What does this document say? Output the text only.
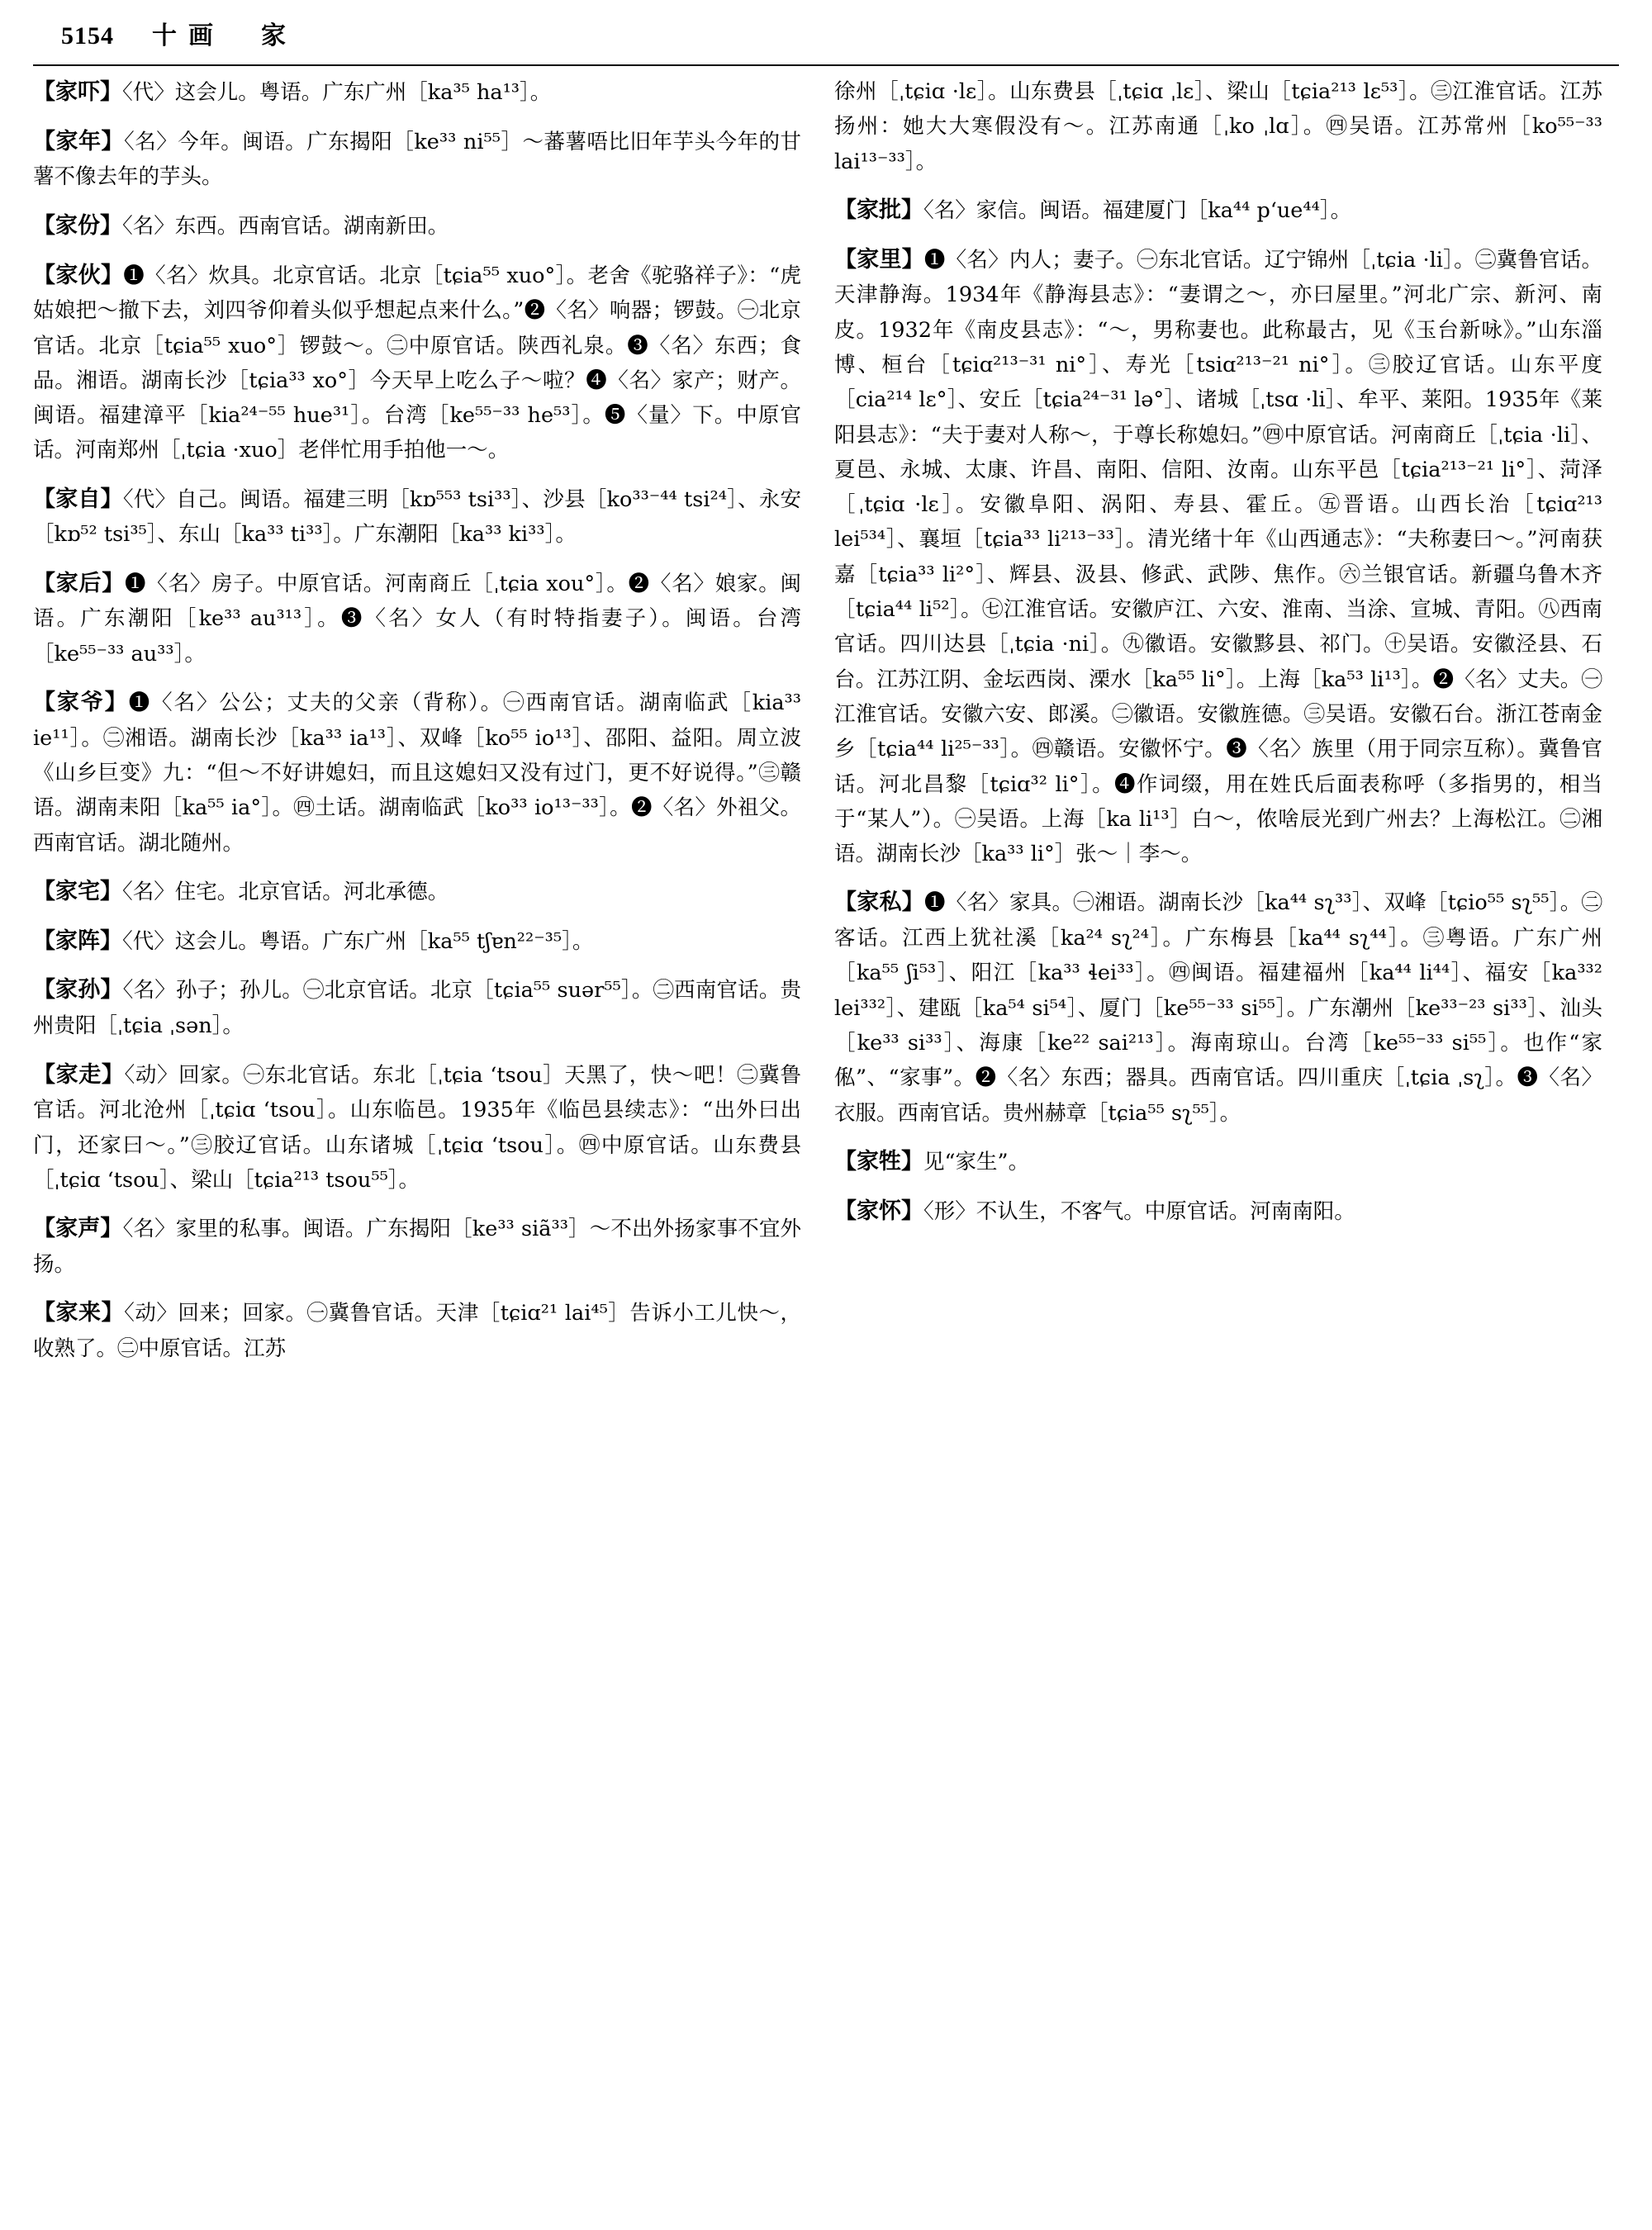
5154 十画　家
【家吓】〈代〉这会儿。粤语。广东广州［ka³⁵ ha¹³］。
【家年】〈名〉今年。闽语。广东揭阳［ke³³ ni⁵⁵］～蕃薯唔比旧年芋头今年的甘薯不像去年的芋头。
【家份】〈名〉东西。西南官话。湖南新田。
【家伙】❶〈名〉炊具。北京官话。北京［tɕia⁵⁵ xuo°］。老舍《驼骆祥子》：“虎姑娘把～撤下去，刘四爷仰着头似乎想起点来什么。”❷〈名〉响器；锣鼓。㊀北京官话。北京［tɕia⁵⁵ xuo°］锣鼓～。㊁中原官话。陕西礼泉。❸〈名〉东西；食品。湘语。湖南长沙［tɕia³³ xo°］今天早上吃么子～啦？❹〈名〉家产；财产。闽语。福建漳平［kia²⁴⁻⁵⁵ hue³¹］。台湾［ke⁵⁵⁻³³ he⁵³］。❺〈量〉下。中原官话。河南郑州［ˌtɕia ·xuo］老伴忙用手拍他一～。
【家自】〈代〉自己。闽语。福建三明［kɒ⁵⁵³ tsi³³］、沙县［ko³³⁻⁴⁴ tsi²⁴］、永安［kɒ⁵² tsi³⁵］、东山［ka³³ ti³³］。广东潮阳［ka³³ ki³³］。
【家后】❶〈名〉房子。中原官话。河南商丘［ˌtɕia xou°］。❷〈名〉娘家。闽语。广东潮阳［ke³³ au³¹³］。❸〈名〉女人（有时特指妻子）。闽语。台湾［ke⁵⁵⁻³³ au³³］。
【家爷】❶〈名〉公公；丈夫的父亲（背称）。㊀西南官话。湖南临武［kia³³ ie¹¹］。㊁湘语。湖南长沙［ka³³ ia¹³］、双峰［ko⁵⁵ io¹³］、邵阳、益阳。周立波《山乡巨变》九：“但～不好讲媳妇，而且这媳妇又没有过门，更不好说得。”㊂赣语。湖南耒阳［ka⁵⁵ ia°］。㊃土话。湖南临武［ko³³ io¹³⁻³³］。❷〈名〉外祖父。西南官话。湖北随州。
【家宅】〈名〉住宅。北京官话。河北承德。
【家阵】〈代〉这会儿。粤语。广东广州［ka⁵⁵ tʃɐn²²⁻³⁵］。
【家孙】〈名〉孙子；孙儿。㊀北京官话。北京［tɕia⁵⁵ suər⁵⁵］。㊁西南官话。贵州贵阳［ˌtɕia ˌsən］。
【家走】〈动〉回家。㊀东北官话。东北［ˌtɕia ʻtsou］天黑了，快～吧！㊁冀鲁官话。河北沧州［ˌtɕiɑ ʻtsou］。山东临邑。1935年《临邑县续志》：“出外曰出门，还家曰～。”㊂胶辽官话。山东诸城［ˌtɕiɑ ʻtsou］。㊃中原官话。山东费县［ˌtɕiɑ ʻtsou］、梁山［tɕia²¹³ tsou⁵⁵］。
【家声】〈名〉家里的私事。闽语。广东揭阳［ke³³ siã³³］～不出外扬家事不宜外扬。
【家来】〈动〉回来；回家。㊀冀鲁官话。天津［tɕiɑ²¹ lai⁴⁵］告诉小工儿快～，收熟了。㊁中原官话。江苏
徐州［ˌtɕiɑ ·lɛ］。山东费县［ˌtɕiɑ ˌlɛ］、梁山［tɕia²¹³ lɛ⁵³］。㊂江淮官话。江苏扬州：她大大寒假没有～。江苏南通［ˌko ˌlɑ］。㊃吴语。江苏常州［ko⁵⁵⁻³³ lai¹³⁻³³］。
【家批】〈名〉家信。闽语。福建厦门［ka⁴⁴ pʻue⁴⁴］。
【家里】❶〈名〉内人；妻子。㊀东北官话。辽宁锦州［ˌtɕia ·li］。㊁冀鲁官话。天津静海。1934年《静海县志》：“妻谓之～，亦曰屋里。”河北广宗、新河、南皮。1932年《南皮县志》：“～，男称妻也。此称最古，见《玉台新咏》。”山东淄博、桓台［tɕiɑ²¹³⁻³¹ ni°］、寿光［tsiɑ²¹³⁻²¹ ni°］。㊂胶辽官话。山东平度［cia²¹⁴ lɛ°］、安丘［tɕia²⁴⁻³¹ lə°］、诸城［ˌtsɑ ·li］、牟平、莱阳。1935年《莱阳县志》：“夫于妻对人称～，于尊长称媳妇。”㊃中原官话。河南商丘［ˌtɕia ·li］、夏邑、永城、太康、许昌、南阳、信阳、汝南。山东平邑［tɕia²¹³⁻²¹ li°］、菏泽［ˌtɕiɑ ·lɛ］。安徽阜阳、涡阳、寿县、霍丘。㊄晋语。山西长治［tɕiɑ²¹³ lei⁵³⁴］、襄垣［tɕia³³ li²¹³⁻³³］。清光绪十年《山西通志》：“夫称妻曰～。”河南获嘉［tɕia³³ li²°］、辉县、汲县、修武、武陟、焦作。㊅兰银官话。新疆乌鲁木齐［tɕia⁴⁴ li⁵²］。㊆江淮官话。安徽庐江、六安、淮南、当涂、宣城、青阳。㊇西南官话。四川达县［ˌtɕia ·ni］。㊈徽语。安徽黟县、祁门。㊉吴语。安徽泾县、石台。江苏江阴、金坛西岗、溧水［ka⁵⁵ li°］。上海［ka⁵³ li¹³］。❷〈名〉丈夫。㊀江淮官话。安徽六安、郎溪。㊁徽语。安徽旌德。㊂吴语。安徽石台。浙江苍南金乡［tɕia⁴⁴ li²⁵⁻³³］。㊃赣语。安徽怀宁。❸〈名〉族里（用于同宗互称）。冀鲁官话。河北昌黎［tɕiɑ³² li°］。❹作词缀，用在姓氏后面表称呼（多指男的，相当于“某人”）。㊀吴语。上海［ka li¹³］白～，侬啥辰光到广州去？上海松江。㊁湘语。湖南长沙［ka³³ li°］张～｜李～。
【家私】❶〈名〉家具。㊀湘语。湖南长沙［ka⁴⁴ sʅ³³］、双峰［tɕio⁵⁵ sʅ⁵⁵］。㊁客话。江西上犹社溪［ka²⁴ sʅ²⁴］。广东梅县［ka⁴⁴ sʅ⁴⁴］。㊂粤语。广东广州［ka⁵⁵ ʃi⁵³］、阳江［ka³³ ɬei³³］。㊃闽语。福建福州［ka⁴⁴ li⁴⁴］、福安［ka³³² lei³³²］、建瓯［ka⁵⁴ si⁵⁴］、厦门［ke⁵⁵⁻³³ si⁵⁵］。广东潮州［ke³³⁻²³ si³³］、汕头［ke³³ si³³］、海康［ke²² sai²¹³］。海南琼山。台湾［ke⁵⁵⁻³³ si⁵⁵］。也作“家俬”、“家事”。❷〈名〉东西；器具。西南官话。四川重庆［ˌtɕia ˌsʅ］。❸〈名〉衣服。西南官话。贵州赫章［tɕia⁵⁵ sʅ⁵⁵］。
【家牲】见“家生”。
【家怀】〈形〉不认生，不客气。中原官话。河南南阳。
